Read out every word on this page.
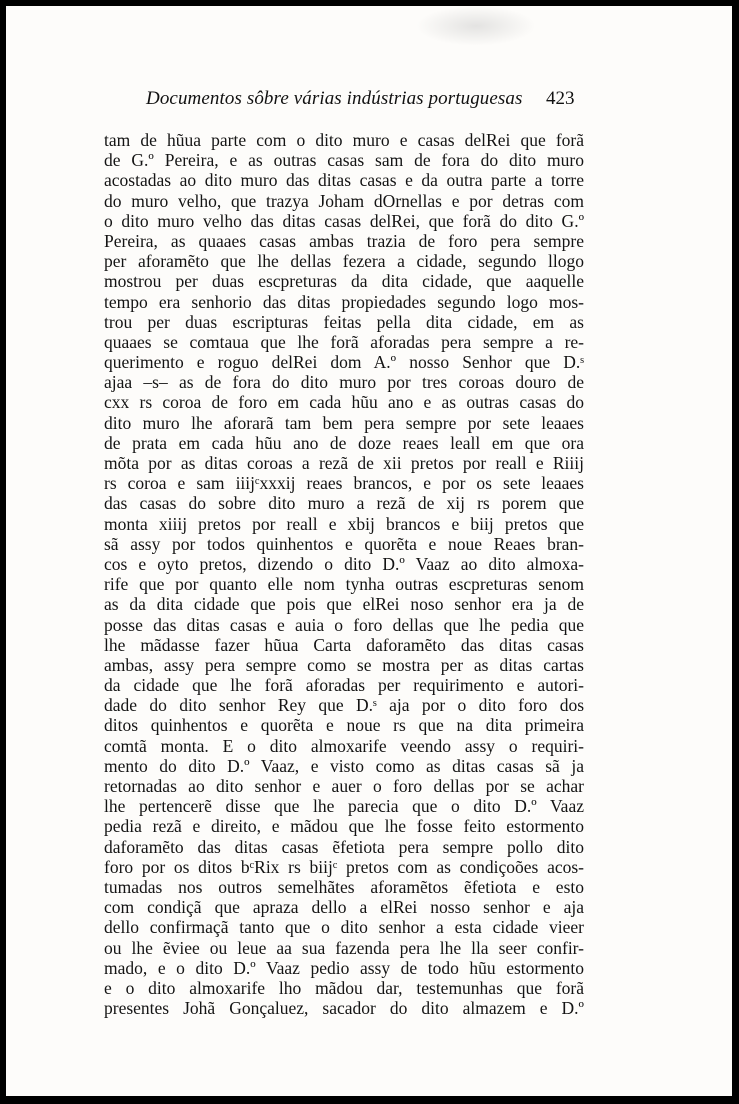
Documentos sôbre várias indústrias portuguesas 423
tam de hũua parte com o dito muro e casas delRei que forã
de G.º Pereira, e as outras casas sam de fora do dito muro
acostadas ao dito muro das ditas casas e da outra parte a torre
do muro velho, que trazya Joham dOrnellas e por detras com
o dito muro velho das ditas casas delRei, que forã do dito G.º
Pereira, as quaaes casas ambas trazia de foro pera sempre
per aforamẽto que lhe dellas fezera a cidade, segundo llogo
mostrou per duas escpreturas da dita cidade, que aaquelle
tempo era senhorio das ditas propiedades segundo logo mos-
trou per duas escripturas feitas pella dita cidade, em as
quaaes se comtaua que lhe forã aforadas pera sempre a re-
querimento e roguo delRei dom A.º nosso Senhor que D.ˢ
ajaa –s– as de fora do dito muro por tres coroas douro de
cxx rs coroa de foro em cada hũu ano e as outras casas do
dito muro lhe aforarã tam bem pera sempre por sete leaaes
de prata em cada hũu ano de doze reaes leall em que ora
mõta por as ditas coroas a rezã de xii pretos por reall e Riiij
rs coroa e sam iiijᶜxxxij reaes brancos, e por os sete leaaes
das casas do sobre dito muro a rezã de xij rs porem que
monta xiiij pretos por reall e xbij brancos e biij pretos que
sã assy por todos quinhentos e quorẽta e noue Reaes bran-
cos e oyto pretos, dizendo o dito D.º Vaaz ao dito almoxa-
rife que por quanto elle nom tynha outras escpreturas senom
as da dita cidade que pois que elRei noso senhor era ja de
posse das ditas casas e auia o foro dellas que lhe pedia que
lhe mãdasse fazer hũua Carta daforamẽto das ditas casas
ambas, assy pera sempre como se mostra per as ditas cartas
da cidade que lhe forã aforadas per requirimento e autori-
dade do dito senhor Rey que D.ˢ aja por o dito foro dos
ditos quinhentos e quorẽta e noue rs que na dita primeira
comtã monta. E o dito almoxarife veendo assy o requiri-
mento do dito D.º Vaaz, e visto como as ditas casas sã ja
retornadas ao dito senhor e auer o foro dellas por se achar
lhe pertencerẽ disse que lhe parecia que o dito D.º Vaaz
pedia rezã e direito, e mãdou que lhe fosse feito estormento
daforamẽto das ditas casas ẽfetiota pera sempre pollo dito
foro por os ditos bᶜRix rs biijᶜ pretos com as condiçoões acos-
tumadas nos outros semelhãtes aforamẽtos ẽfetiota e esto
com condiçã que apraza dello a elRei nosso senhor e aja
dello confirmaçã tanto que o dito senhor a esta cidade vieer
ou lhe ẽviee ou leue aa sua fazenda pera lhe lla seer confir-
mado, e o dito D.º Vaaz pedio assy de todo hũu estormento
e o dito almoxarife lho mãdou dar, testemunhas que forã
presentes Johã Gonçaluez, sacador do dito almazem e D.º
